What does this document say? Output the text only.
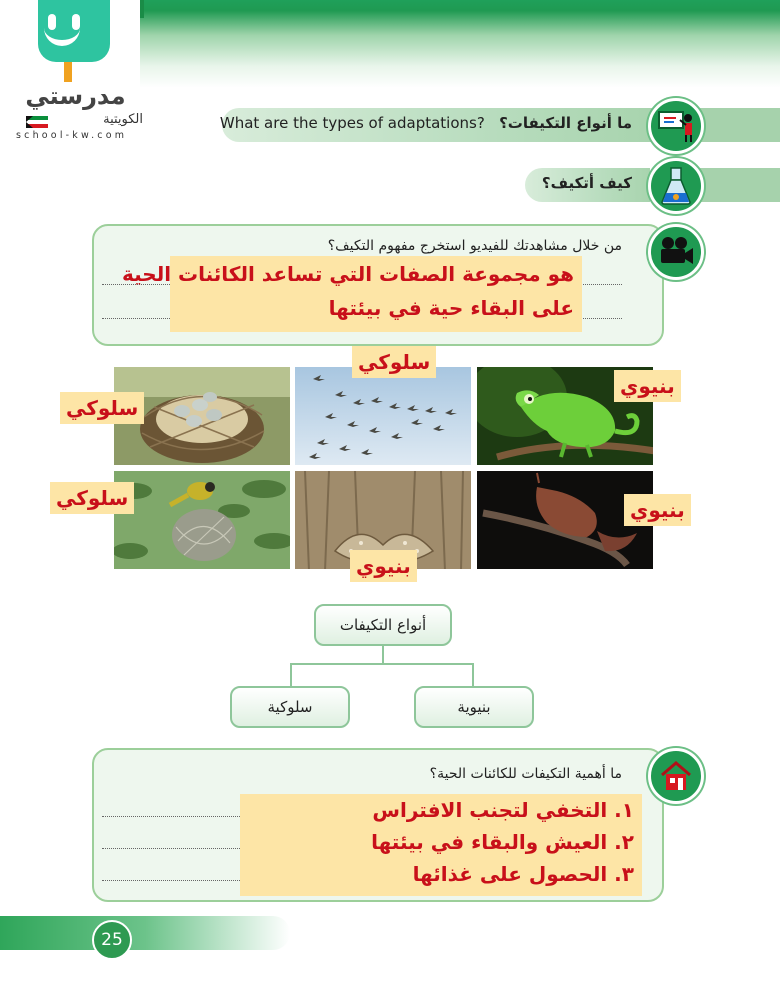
مدرستي
الكويتية
school-kw.com
What are the types of adaptations? ما أنواع التكيفات؟
كيف أتكيف؟
من خلال مشاهدتك للفيديو استخرج مفهوم التكيف؟
هو مجموعة الصفات التي تساعد الكائنات الحية
على البقاء حية في بيئتها
بنيوي
سلوكي
سلوكي
بنيوي
بنيوي
سلوكي
أنواع التكيفات
سلوكية	بنيوية
ما أهمية التكيفات للكائنات الحية؟
١. التخفي لتجنب الافتراس
٢. العيش والبقاء في بيئتها
٣. الحصول على غذائها
25
